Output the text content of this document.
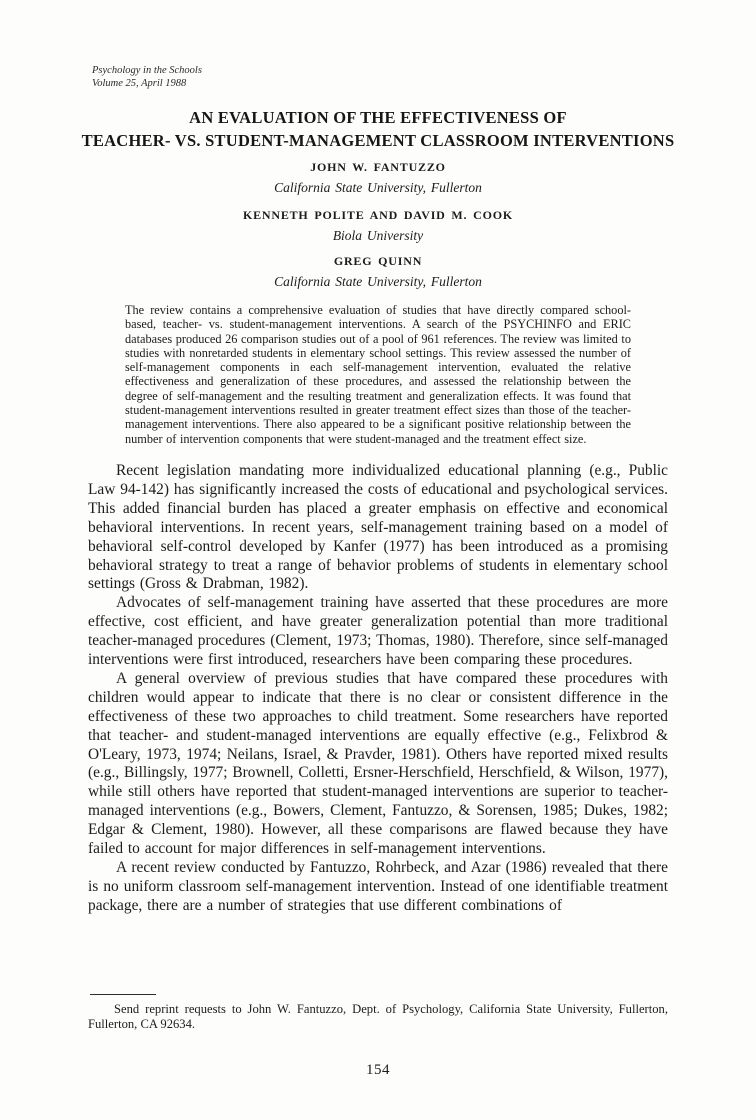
Psychology in the Schools
Volume 25, April 1988
AN EVALUATION OF THE EFFECTIVENESS OF
TEACHER- VS. STUDENT-MANAGEMENT CLASSROOM INTERVENTIONS
JOHN W. FANTUZZO
California State University, Fullerton
KENNETH POLITE AND DAVID M. COOK
Biola University
GREG QUINN
California State University, Fullerton
The review contains a comprehensive evaluation of studies that have directly compared school-based, teacher- vs. student-management interventions. A search of the PSYCHINFO and ERIC databases produced 26 comparison studies out of a pool of 961 references. The review was limited to studies with nonretarded students in elementary school settings. This review assessed the number of self-management components in each self-management intervention, evaluated the relative effectiveness and generalization of these procedures, and assessed the relationship between the degree of self-management and the resulting treatment and generalization effects. It was found that student-management interventions resulted in greater treatment effect sizes than those of the teacher-management interventions. There also appeared to be a significant positive relationship between the number of intervention components that were student-managed and the treatment effect size.

Recent legislation mandating more individualized educational planning (e.g., Public Law 94-142) has significantly increased the costs of educational and psychological services. This added financial burden has placed a greater emphasis on effective and economical behavioral interventions. In recent years, self-management training based on a model of behavioral self-control developed by Kanfer (1977) has been introduced as a promising behavioral strategy to treat a range of behavior problems of students in elementary school settings (Gross & Drabman, 1982).

Advocates of self-management training have asserted that these procedures are more effective, cost efficient, and have greater generalization potential than more traditional teacher-managed procedures (Clement, 1973; Thomas, 1980). Therefore, since self-managed interventions were first introduced, researchers have been comparing these procedures.

A general overview of previous studies that have compared these procedures with children would appear to indicate that there is no clear or consistent difference in the effectiveness of these two approaches to child treatment. Some researchers have reported that teacher- and student-managed interventions are equally effective (e.g., Felixbrod & O'Leary, 1973, 1974; Neilans, Israel, & Pravder, 1981). Others have reported mixed results (e.g., Billingsly, 1977; Brownell, Colletti, Ersner-Herschfield, Herschfield, & Wilson, 1977), while still others have reported that student-managed interventions are superior to teacher-managed interventions (e.g., Bowers, Clement, Fantuzzo, & Sorensen, 1985; Dukes, 1982; Edgar & Clement, 1980). However, all these comparisons are flawed because they have failed to account for major differences in self-management interventions.

A recent review conducted by Fantuzzo, Rohrbeck, and Azar (1986) revealed that there is no uniform classroom self-management intervention. Instead of one identifiable treatment package, there are a number of strategies that use different combinations of

Send reprint requests to John W. Fantuzzo, Dept. of Psychology, California State University, Fullerton, Fullerton, CA 92634.
154
